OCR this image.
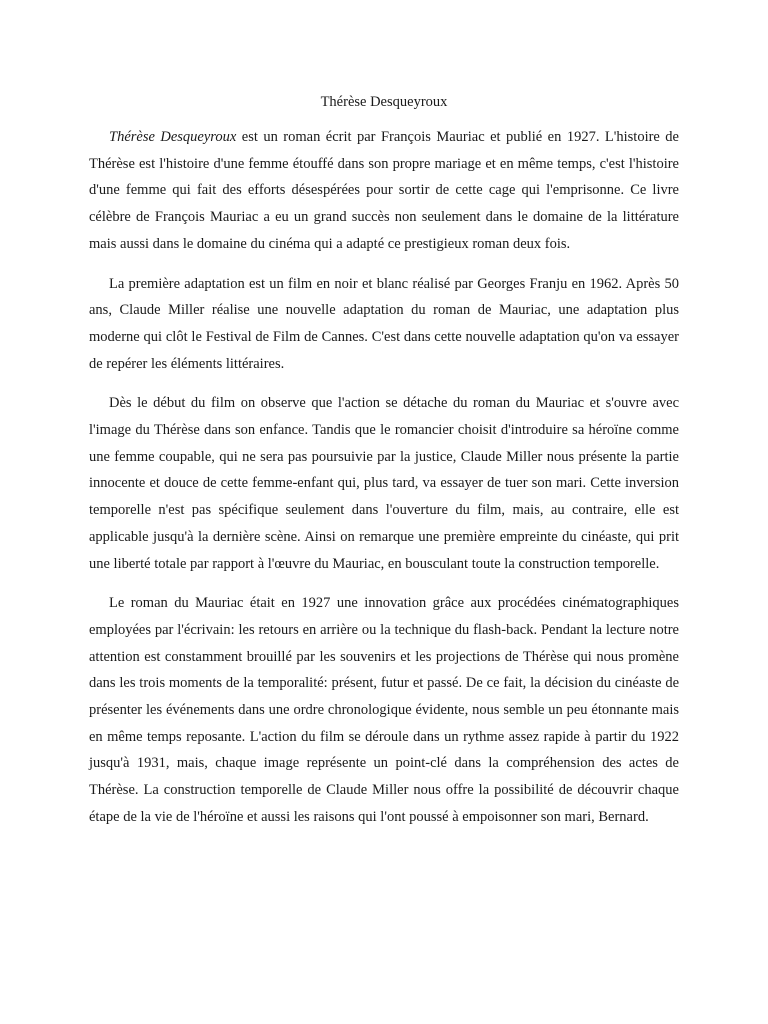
Thérèse Desqueyroux

Thérèse Desqueyroux est un roman écrit par François Mauriac et publié en 1927. L'histoire de Thérèse est l'histoire d'une femme étouffé dans son propre mariage et en même temps, c'est l'histoire d'une femme qui fait des efforts désespérées pour sortir de cette cage qui l'emprisonne. Ce livre célèbre de François Mauriac a eu un grand succès non seulement dans le domaine de la littérature mais aussi dans le domaine du cinéma qui a adapté ce prestigieux roman deux fois.

La première adaptation est un film en noir et blanc réalisé par Georges Franju en 1962. Après 50 ans, Claude Miller réalise une nouvelle adaptation du roman de Mauriac, une adaptation plus moderne qui clôt le Festival de Film de Cannes. C'est dans cette nouvelle adaptation qu'on va essayer de repérer les éléments littéraires.

Dès le début du film on observe que l'action se détache du roman du Mauriac et s'ouvre avec l'image du Thérèse dans son enfance. Tandis que le romancier choisit d'introduire sa héroïne comme une femme coupable, qui ne sera pas poursuivie par la justice, Claude Miller nous présente la partie innocente et douce de cette femme-enfant qui, plus tard, va essayer de tuer son mari. Cette inversion temporelle n'est pas spécifique seulement dans l'ouverture du film, mais, au contraire, elle est applicable jusqu'à la dernière scène. Ainsi on remarque une première empreinte du cinéaste, qui prit une liberté totale par rapport à l'œuvre du Mauriac, en bousculant toute la construction temporelle.

Le roman du Mauriac était en 1927 une innovation grâce aux procédées cinématographiques employées par l'écrivain: les retours en arrière ou la technique du flash-back. Pendant la lecture notre attention est constamment brouillé par les souvenirs et les projections de Thérèse qui nous promène dans les trois moments de la temporalité: présent, futur et passé. De ce fait, la décision du cinéaste de présenter les événements dans une ordre chronologique évidente, nous semble un peu étonnante mais en même temps reposante. L'action du film se déroule dans un rythme assez rapide à partir du 1922 jusqu'à 1931, mais, chaque image représente un point-clé dans la compréhension des actes de Thérèse. La construction temporelle de Claude Miller nous offre la possibilité de découvrir chaque étape de la vie de l'héroïne et aussi les raisons qui l'ont poussé à empoisonner son mari, Bernard.
